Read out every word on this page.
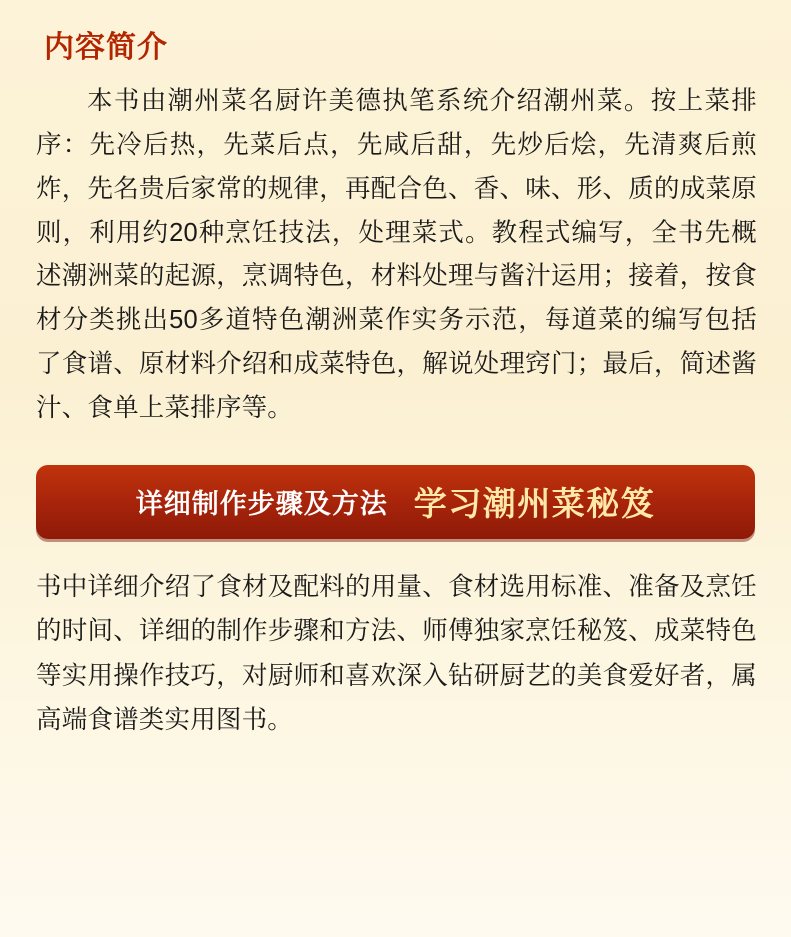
内容简介

本书由潮州菜名厨许美德执笔系统介绍潮州菜。按上菜排序：先冷后热，先菜后点，先咸后甜，先炒后烩，先清爽后煎炸，先名贵后家常的规律，再配合色、香、味、形、质的成菜原则，利用约20种烹饪技法，处理菜式。教程式编写，全书先概述潮洲菜的起源，烹调特色，材料处理与酱汁运用；接着，按食材分类挑出50多道特色潮洲菜作实务示范，每道菜的编写包括了食谱、原材料介绍和成菜特色，解说处理窍门；最后，简述酱汁、食单上菜排序等。

详细制作步骤及方法 学习潮州菜秘笈

书中详细介绍了食材及配料的用量、食材选用标准、准备及烹饪的时间、详细的制作步骤和方法、师傅独家烹饪秘笈、成菜特色等实用操作技巧，对厨师和喜欢深入钻研厨艺的美食爱好者，属高端食谱类实用图书。
